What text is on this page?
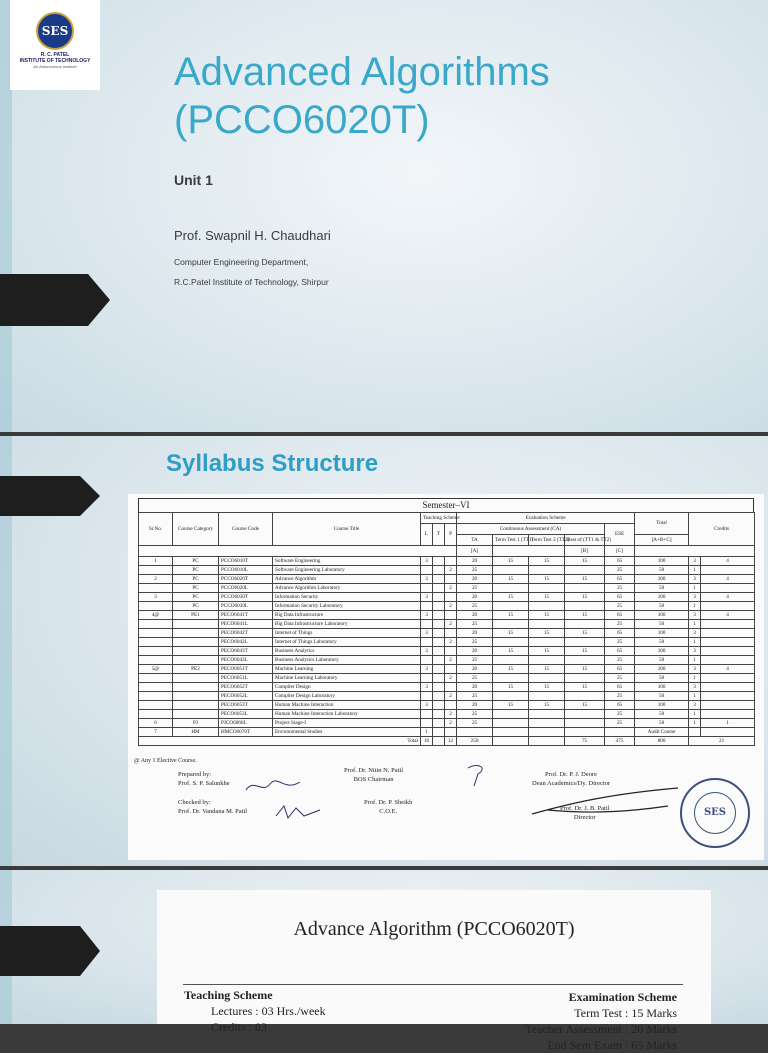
SES
R. C. PATEL
INSTITUTE OF TECHNOLOGY
An Autonomous Institute	Advanced Algorithms
(PCCO6020T)
Unit 1
Prof. Swapnil H. Chaudhari
Computer Engineering Department,
R.C.Patel Institute of Technology, Shirpur
Syllabus Structure
Semester–VI
Sr.No.	Course Category	Course Code	Course Title	Teaching Scheme			Evaluation Scheme					Total	Credits	
				L	T	P	Continuous Assessment (CA)				ESE			
							TA	Term Test 1 (TT1)	Term Test 2 (TT2)	Best of (TT1 & TT2)		[A+B+C]		
							[A]			[B]	[C]			
1	PC	PCCO6010T	Software Engineering	3			20	15	15	15	65	100	3	4
	PC	PCCO6010L	Software Engineering Laboratory			2	25				25	50	1	
2	PC	PCCO6020T	Advance Algorithm	3			20	15	15	15	65	100	3	4
	PC	PCCO6020L	Advance Algorithm Laboratory			2	25				25	50	1	
3	PC	PCCO6030T	Information Security	3			20	15	15	15	65	100	3	4
	PC	PCCO6030L	Information Security Laboratory			2	25				25	50	1	
4@	PE1	PECO6041T	Big Data Infrastructure	3			20	15	15	15	65	100	3	4
		PECO6041L	Big Data Infrastructure Laboratory			2	25				25	50	1	
		PECO6042T	Internet of Things	3			20	15	15	15	65	100	3	
		PECO6042L	Internet of Things Laboratory			2	25				25	50	1	
		PECO6043T	Business Analytics	3			20	15	15	15	65	100	3	
		PECO6043L	Business Analytics Laboratory			2	25				25	50	1	
5@	PE2	PECO6051T	Machine Learning	3			20	15	15	15	65	100	3	4
		PECO6051L	Machine Learning Laboratory			2	25				25	50	1	
		PECO6052T	Compiler Design	3			20	15	15	15	65	100	3	
		PECO6052L	Compiler Design Laboratory			2	25				25	50	1	
		PECO6053T	Human Machine Interaction	3			20	15	15	15	65	100	3	
		PECO6053L	Human Machine Interaction Laboratory			2	25				25	50	1	
6	PJ	PJCO6060L	Project Stage-I			2	25				25	50	1	1
7	HM	HMCO6070T	Environmental Studies	1								Audit Course		
Total				16		12	250			75	475	800	21	
@ Any 1 Elective Course.
Prepared by:
Prof. S. P. Salunkhe
Checked by:
Prof. Dr. Vandana M. Patil
Prof. Dr. Nitin N. Patil
BOS Chairman
Prof. Dr. P. Sheikh
C.O.E.
Prof. Dr. P. J. Deore
Dean Academics/Dy. Director
Prof. Dr. J. B. Patil
Director	SES
Advance Algorithm (PCCO6020T)
Teaching Scheme
Lectures : 03 Hrs./week
Credits : 03
Examination Scheme
Term Test : 15 Marks
Teacher Assessment : 20 Marks
End Sem Exam : 65 Marks
